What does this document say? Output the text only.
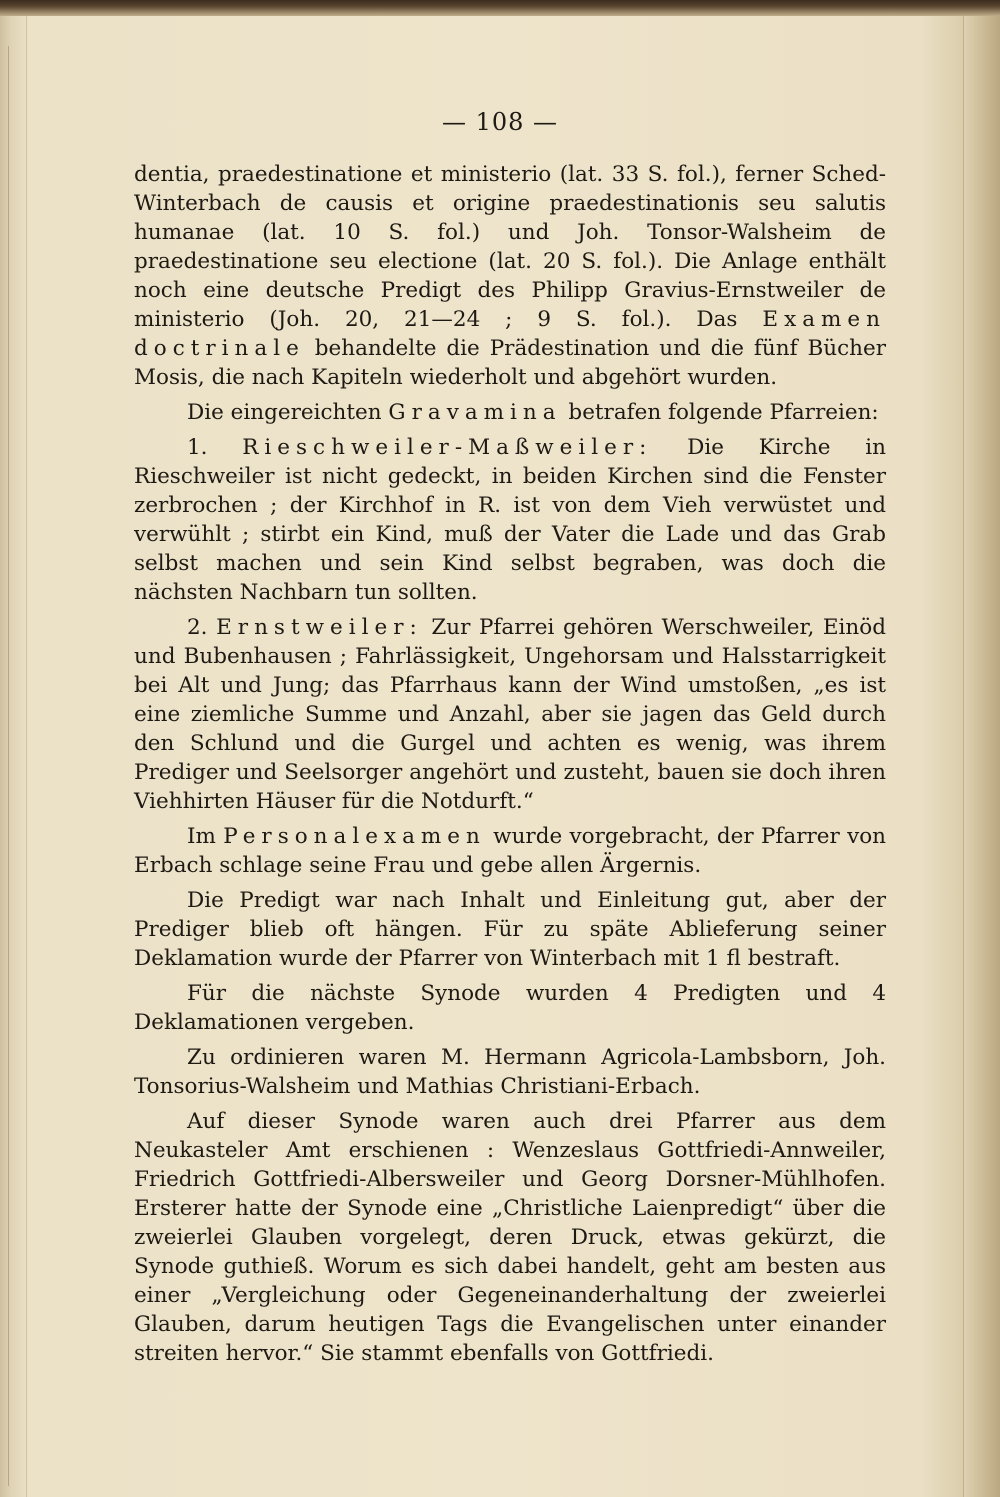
— 108 —

dentia, praedestinatione et ministerio (lat. 33 S. fol.), ferner Sched-Winterbach de causis et origine praedestinationis seu salutis humanae (lat. 10 S. fol.) und Joh. Tonsor-Walsheim de praedestinatione seu electione (lat. 20 S. fol.). Die Anlage enthält noch eine deutsche Predigt des Philipp Gravius-Ernstweiler de ministerio (Joh. 20, 21—24 ; 9 S. fol.). Das Examen doctrinale behandelte die Prädestination und die fünf Bücher Mosis, die nach Kapiteln wiederholt und abgehört wurden.

Die eingereichten Gravamina betrafen folgende Pfarreien:

1. Rieschweiler-Maßweiler: Die Kirche in Rieschweiler ist nicht gedeckt, in beiden Kirchen sind die Fenster zerbrochen ; der Kirchhof in R. ist von dem Vieh verwüstet und verwühlt ; stirbt ein Kind, muß der Vater die Lade und das Grab selbst machen und sein Kind selbst begraben, was doch die nächsten Nachbarn tun sollten.

2. Ernstweiler: Zur Pfarrei gehören Werschweiler, Einöd und Bubenhausen ; Fahrlässigkeit, Ungehorsam und Halsstarrigkeit bei Alt und Jung; das Pfarrhaus kann der Wind umstoßen, „es ist eine ziemliche Summe und Anzahl, aber sie jagen das Geld durch den Schlund und die Gurgel und achten es wenig, was ihrem Prediger und Seelsorger angehört und zusteht, bauen sie doch ihren Viehhirten Häuser für die Notdurft.“

Im Personalexamen wurde vorgebracht, der Pfarrer von Erbach schlage seine Frau und gebe allen Ärgernis.

Die Predigt war nach Inhalt und Einleitung gut, aber der Prediger blieb oft hängen. Für zu späte Ablieferung seiner Deklamation wurde der Pfarrer von Winterbach mit 1 fl bestraft.

Für die nächste Synode wurden 4 Predigten und 4 Deklamationen vergeben.

Zu ordinieren waren M. Hermann Agricola-Lambsborn, Joh. Tonsorius-Walsheim und Mathias Christiani-Erbach.

Auf dieser Synode waren auch drei Pfarrer aus dem Neukasteler Amt erschienen : Wenzeslaus Gottfriedi-Annweiler, Friedrich Gottfriedi-Albersweiler und Georg Dorsner-Mühlhofen. Ersterer hatte der Synode eine „Christliche Laienpredigt“ über die zweierlei Glauben vorgelegt, deren Druck, etwas gekürzt, die Synode guthieß. Worum es sich dabei handelt, geht am besten aus einer „Vergleichung oder Gegeneinanderhaltung der zweierlei Glauben, darum heutigen Tags die Evangelischen unter einander streiten hervor.“ Sie stammt ebenfalls von Gottfriedi.
